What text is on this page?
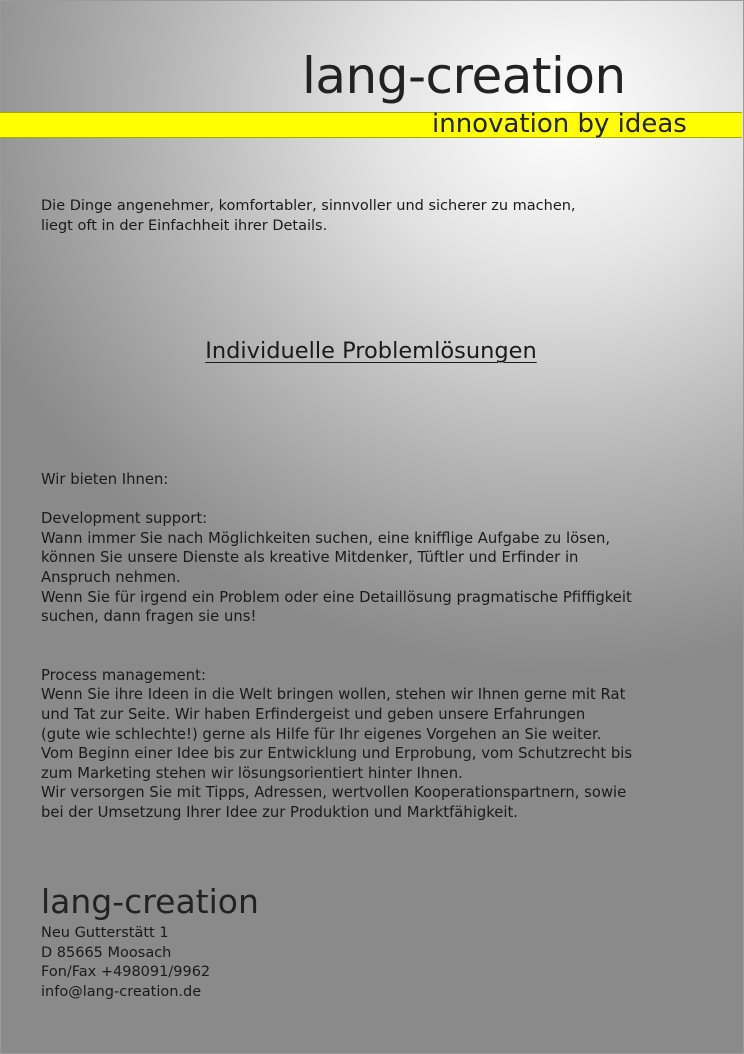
lang-creation
innovation by ideas

Die Dinge angenehmer, komfortabler, sinnvoller und sicherer zu machen,

liegt oft in der Einfachheit ihrer Details.

Individuelle Problemlösungen

Wir bieten Ihnen:

Development support:

Wann immer Sie nach Möglichkeiten suchen, eine knifflige Aufgabe zu lösen,

können Sie unsere Dienste als kreative Mitdenker, Tüftler und Erfinder in

Anspruch nehmen.

Wenn Sie für irgend ein Problem oder eine Detaillösung pragmatische Pfiffigkeit

suchen, dann fragen sie uns!

Process management:

Wenn Sie ihre Ideen in die Welt bringen wollen, stehen wir Ihnen gerne mit Rat

und Tat zur Seite. Wir haben Erfindergeist und geben unsere Erfahrungen

(gute wie schlechte!) gerne als Hilfe für Ihr eigenes Vorgehen an Sie weiter.

Vom Beginn einer Idee bis zur Entwicklung und Erprobung, vom Schutzrecht bis

zum Marketing stehen wir lösungsorientiert hinter Ihnen.

Wir versorgen Sie mit Tipps, Adressen, wertvollen Kooperationspartnern, sowie

bei der Umsetzung Ihrer Idee zur Produktion und Marktfähigkeit.

lang-creation

Neu Gutterstätt 1

D 85665 Moosach

Fon/Fax +498091/9962

info@lang-creation.de
